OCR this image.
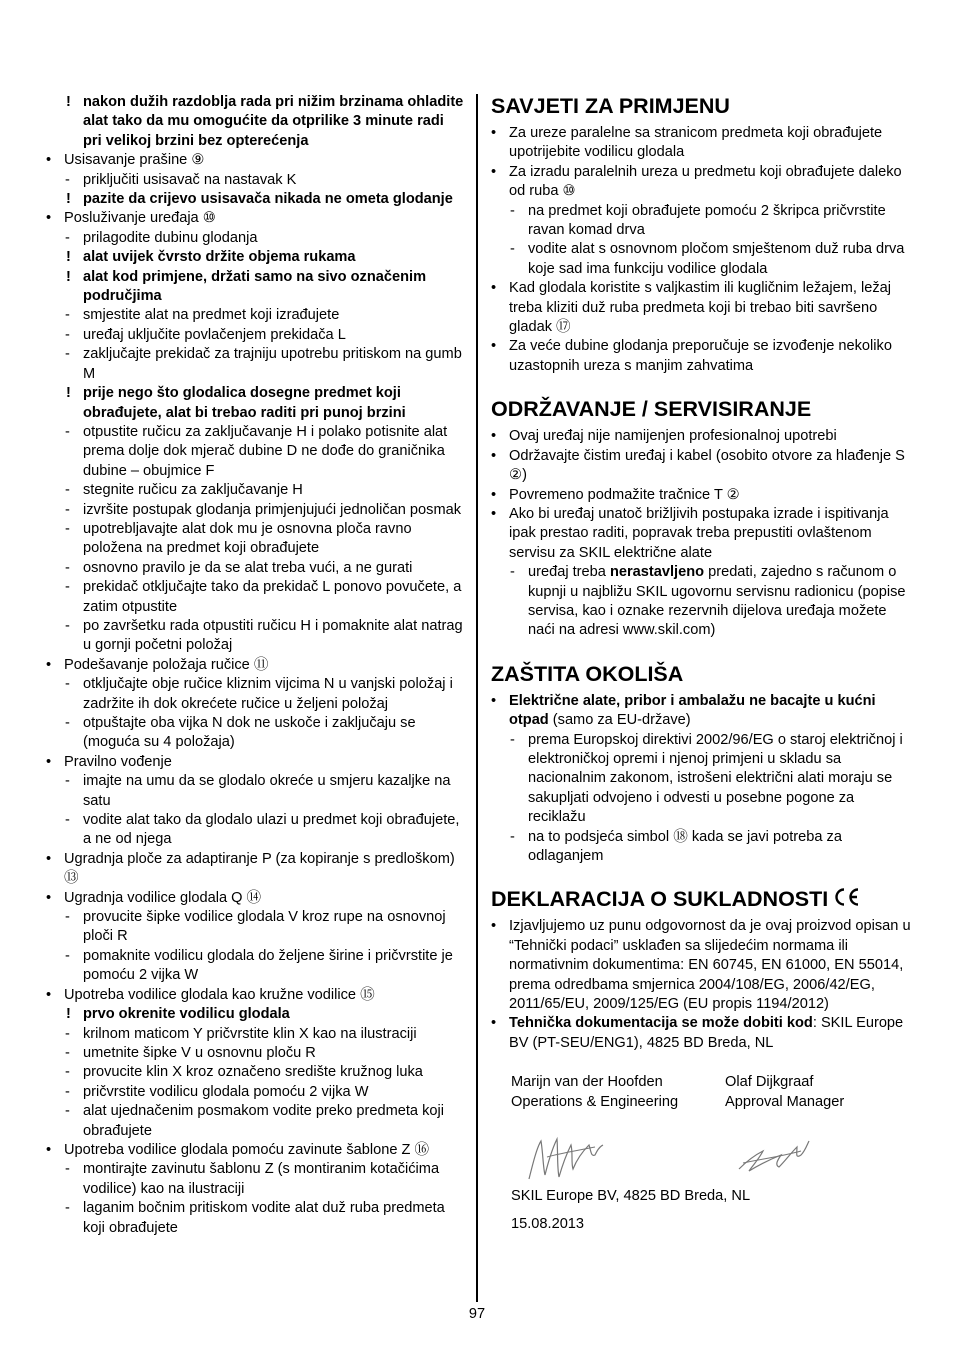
!
nakon dužih razdoblja rada pri nižim brzinama ohladite alat tako da mu omogućite da otprilike 3 minute radi pri velikoj brzini bez opterećenja
•
Usisavanje prašine ⑨
-
priključiti usisavač na nastavak K
!
pazite da crijevo usisavača nikada ne ometa glodanje
•
Posluživanje uređaja ⑩
-
prilagodite dubinu glodanja
!
alat uvijek čvrsto držite objema rukama
!
alat kod primjene, držati samo na sivo označenim područjima
-
smjestite alat na predmet koji izrađujete
-
uređaj uključite povlačenjem prekidača L
-
zaključajte prekidač za trajniju upotrebu pritiskom na gumb M
!
prije nego što glodalica dosegne predmet koji obrađujete, alat bi trebao raditi pri punoj brzini
-
otpustite ručicu za zaključavanje H i polako potisnite alat prema dolje dok mjerač dubine D ne dođe do graničnika dubine – obujmice F
-
stegnite ručicu za zaključavanje H
-
izvršite postupak glodanja primjenjujući jednoličan posmak
-
upotrebljavajte alat dok mu je osnovna ploča ravno položena na predmet koji obrađujete
-
osnovno pravilo je da se alat treba vući, a ne gurati
-
prekidač otključajte tako da prekidač L ponovo povučete, a zatim otpustite
-
po završetku rada otpustiti ručicu H i pomaknite alat natrag u gornji početni položaj
•
Podešavanje položaja ručice ⑪
-
otključajte obje ručice kliznim vijcima N u vanjski položaj i zadržite ih dok okrećete ručice u željeni položaj
-
otpuštajte oba vijka N dok ne uskoče i zaključaju se (moguća su 4 položaja)
•
Pravilno vođenje
-
imajte na umu da se glodalo okreće u smjeru kazaljke na satu
-
vodite alat tako da glodalo ulazi u predmet koji obrađujete, a ne od njega
•
Ugradnja ploče za adaptiranje P (za kopiranje s predloškom) ⑬
•
Ugradnja vodilice glodala Q ⑭
-
provucite šipke vodilice glodala V kroz rupe na osnovnoj ploči R
-
pomaknite vodilicu glodala do željene širine i pričvrstite je pomoću 2 vijka W
•
Upotreba vodilice glodala kao kružne vodilice ⑮
!
prvo okrenite vodilicu glodala
-
krilnom maticom Y pričvrstite klin X kao na ilustraciji
-
umetnite šipke V u osnovnu ploču R
-
provucite klin X kroz označeno središte kružnog luka
-
pričvrstite vodilicu glodala pomoću 2 vijka W
-
alat ujednačenim posmakom vodite preko predmeta koji obrađujete
•
Upotreba vodilice glodala pomoću zavinute šablone Z ⑯
-
montirajte zavinutu šablonu Z (s montiranim kotačićima vodilice) kao na ilustraciji
-
laganim bočnim pritiskom vodite alat duž ruba predmeta koji obrađujete
SAVJETI ZA PRIMJENU
•
Za ureze paralelne sa stranicom predmeta koji obrađujete upotrijebite vodilicu glodala
•
Za izradu paralelnih ureza u predmetu koji obrađujete daleko od ruba ⑩
-
na predmet koji obrađujete pomoću 2 škripca pričvrstite ravan komad drva
-
vodite alat s osnovnom pločom smještenom duž ruba drva koje sad ima funkciju vodilice glodala
•
Kad glodala koristite s valjkastim ili kugličnim ležajem, ležaj treba kliziti duž ruba predmeta koji bi trebao biti savršeno gladak ⑰
•
Za veće dubine glodanja preporučuje se izvođenje nekoliko uzastopnih ureza s manjim zahvatima
ODRŽAVANJE / SERVISIRANJE
•
Ovaj uređaj nije namijenjen profesionalnoj upotrebi
•
Održavajte čistim uređaj i kabel (osobito otvore za hlađenje S ②)
•
Povremeno podmažite tračnice T ②
•
Ako bi uređaj unatoč brižljivih postupaka izrade i ispitivanja ipak prestao raditi, popravak treba prepustiti ovlaštenom servisu za SKIL električne alate
-
uređaj treba nerastavljeno predati, zajedno s računom o kupnji u najbližu SKIL ugovornu servisnu radionicu (popise servisa, kao i oznake rezervnih dijelova uređaja možete naći na adresi www.skil.com)
ZAŠTITA OKOLIŠA
•
Električne alate, pribor i ambalažu ne bacajte u kućni otpad (samo za EU-države)
-
prema Europskoj direktivi 2002/96/EG o staroj električnoj i elektroničkoj opremi i njenoj primjeni u skladu sa nacionalnim zakonom, istrošeni električni alati moraju se sakupljati odvojeno i odvesti u posebne pogone za reciklažu
-
na to podsjeća simbol ⑱ kada se javi potreba za odlaganjem
DEKLARACIJA O SUKLADNOSTI
•
Izjavljujemo uz punu odgovornost da je ovaj proizvod opisan u “Tehnički podaci” usklađen sa slijedećim normama ili normativnim dokumentima: EN 60745, EN 61000, EN 55014, prema odredbama smjernica 2004/108/EG, 2006/42/EG, 2011/65/EU, 2009/125/EG (EU propis 1194/2012)
•
Tehnička dokumentacija se može dobiti kod: SKIL Europe BV (PT-SEU/ENG1), 4825 BD Breda, NL
Marijn van der Hoofden
Operations & Engineering
Olaf Dijkgraaf
Approval Manager
SKIL Europe BV, 4825 BD Breda, NL
15.08.2013
97
